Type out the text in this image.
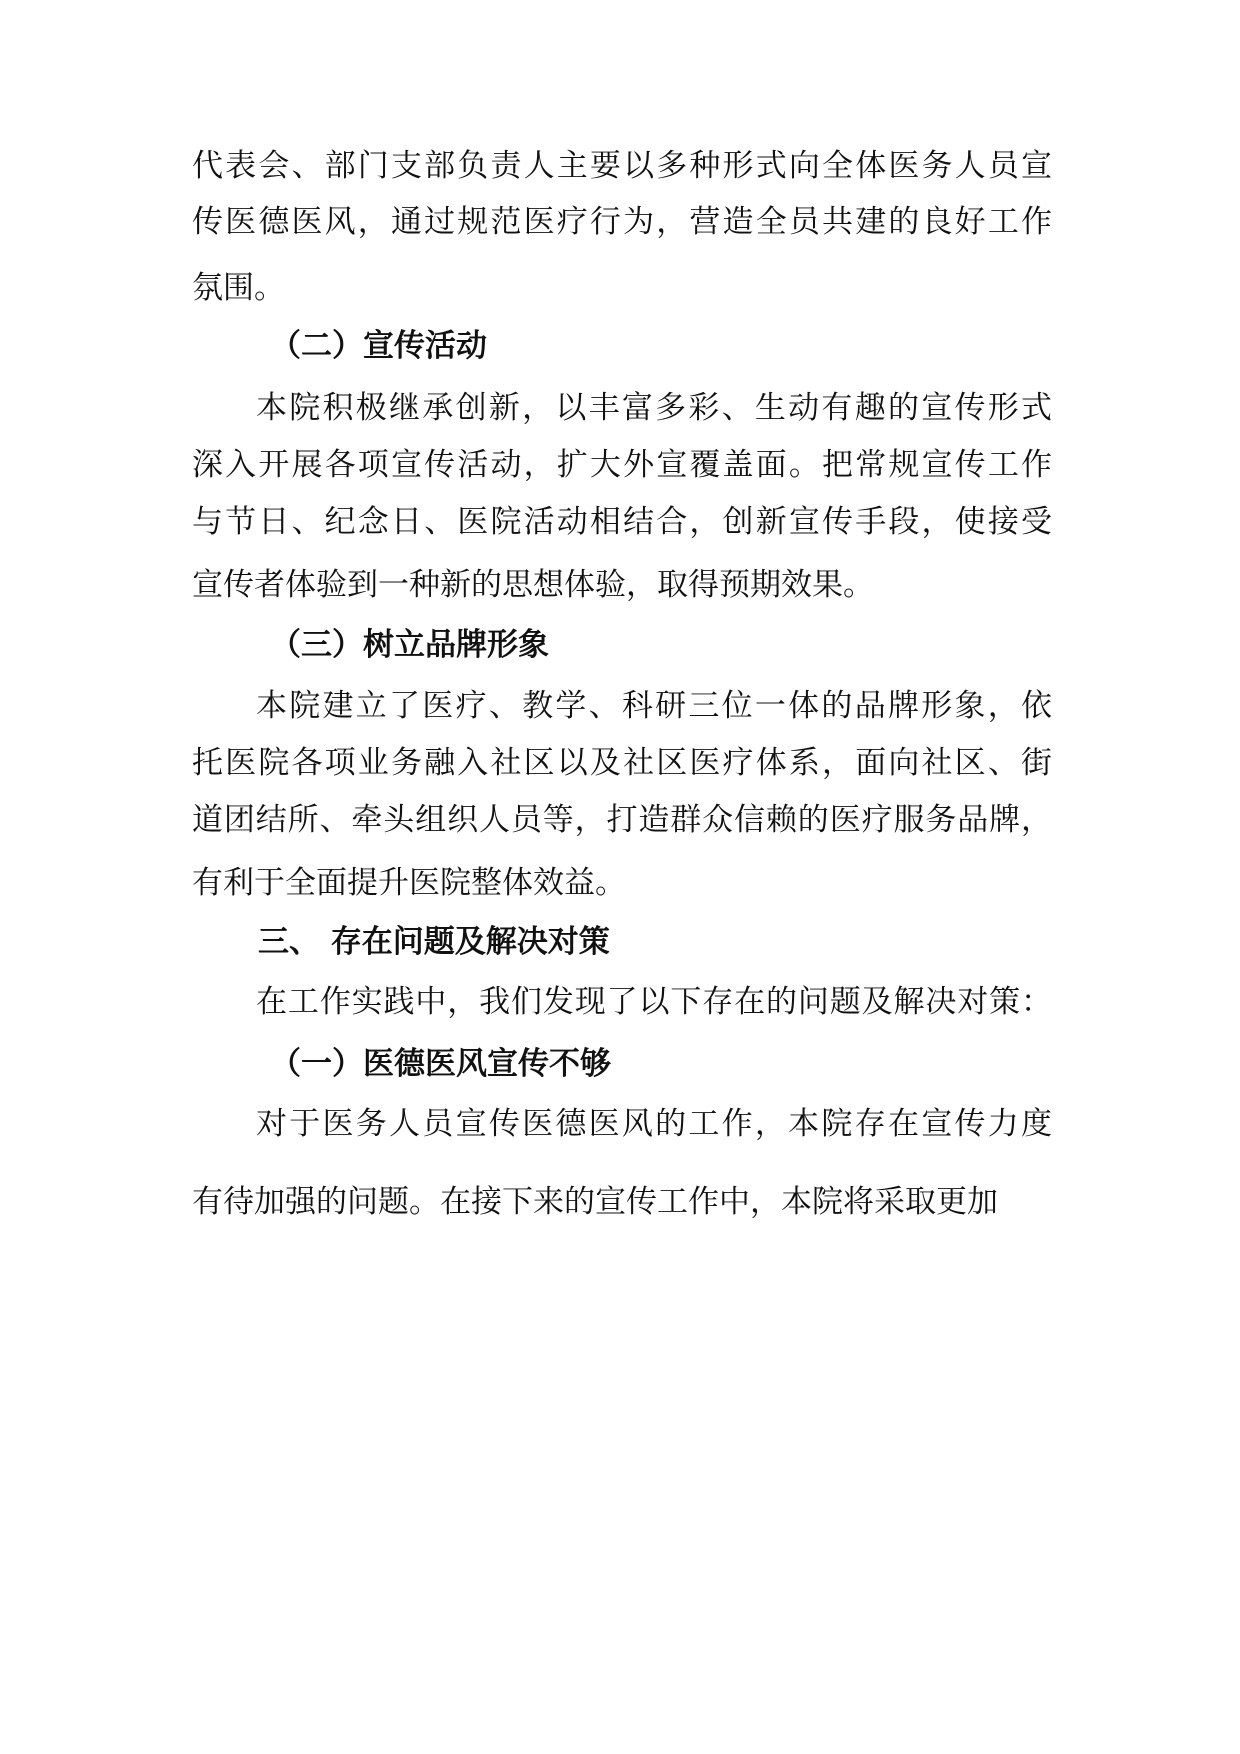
代表会、部门支部负责人主要以多种形式向全体医务人员宣
传医德医风，通过规范医疗行为，营造全员共建的良好工作
氛围。
（二）宣传活动
本院积极继承创新，以丰富多彩、生动有趣的宣传形式
深入开展各项宣传活动，扩大外宣覆盖面。把常规宣传工作
与节日、纪念日、医院活动相结合，创新宣传手段，使接受
宣传者体验到一种新的思想体验，取得预期效果。
（三）树立品牌形象
本院建立了医疗、教学、科研三位一体的品牌形象，依
托医院各项业务融入社区以及社区医疗体系，面向社区、街
道团结所、牵头组织人员等，打造群众信赖的医疗服务品牌，
有利于全面提升医院整体效益。
三、 存在问题及解决对策
在工作实践中，我们发现了以下存在的问题及解决对策：
（一）医德医风宣传不够
对于医务人员宣传医德医风的工作，本院存在宣传力度
有待加强的问题。在接下来的宣传工作中，本院将采取更加
